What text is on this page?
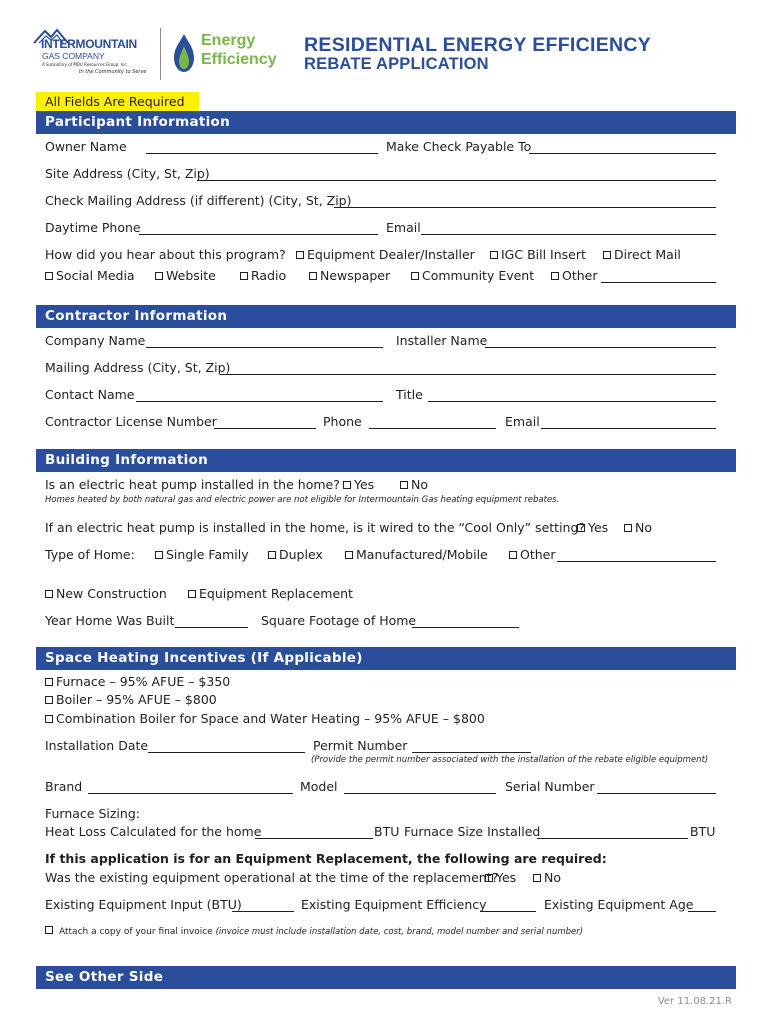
INTERMOUNTAIN
GAS COMPANY
A Subsidiary of MDU Resources Group, Inc.
In the Community to Serve
Energy
Efficiency
RESIDENTIAL ENERGY EFFICIENCY
REBATE APPLICATION
All Fields Are Required
Participant Information
Owner Name	Make Check Payable To
Site Address (City, St, Zip)
Check Mailing Address (if different) (City, St, Zip)
Daytime Phone	Email
How did you hear about this program?	Equipment Dealer/Installer	IGC Bill Insert	Direct Mail
Social Media	Website	Radio	Newspaper	Community Event	Other
Contractor Information
Company Name	Installer Name
Mailing Address (City, St, Zip)
Contact Name	Title
Contractor License Number	Phone	Email
Building Information
Is an electric heat pump installed in the home?	Yes	No
Homes heated by both natural gas and electric power are not eligible for Intermountain Gas heating equipment rebates.
If an electric heat pump is installed in the home, is it wired to the “Cool Only” setting? Yes	No
Type of Home:	Single Family	Duplex	Manufactured/Mobile	Other
New Construction	Equipment Replacement
Year Home Was Built	Square Footage of Home
Space Heating Incentives (If Applicable)
Furnace – 95% AFUE – $350
Boiler – 95% AFUE – $800
Combination Boiler for Space and Water Heating – 95% AFUE – $800
Installation Date	Permit Number
(Provide the permit number associated with the installation of the rebate eligible equipment)
Brand	Model	Serial Number
Furnace Sizing:
Heat Loss Calculated for the home	BTU Furnace Size Installed	BTU
If this application is for an Equipment Replacement, the following are required:
Was the existing equipment operational at the time of the replacement?
Yes	No
Existing Equipment Input (BTU)	Existing Equipment Efficiency	Existing Equipment Age
Attach a copy of your final invoice (invoice must include installation date, cost, brand, model number and serial number)
See Other Side
Ver 11.08.21.R
